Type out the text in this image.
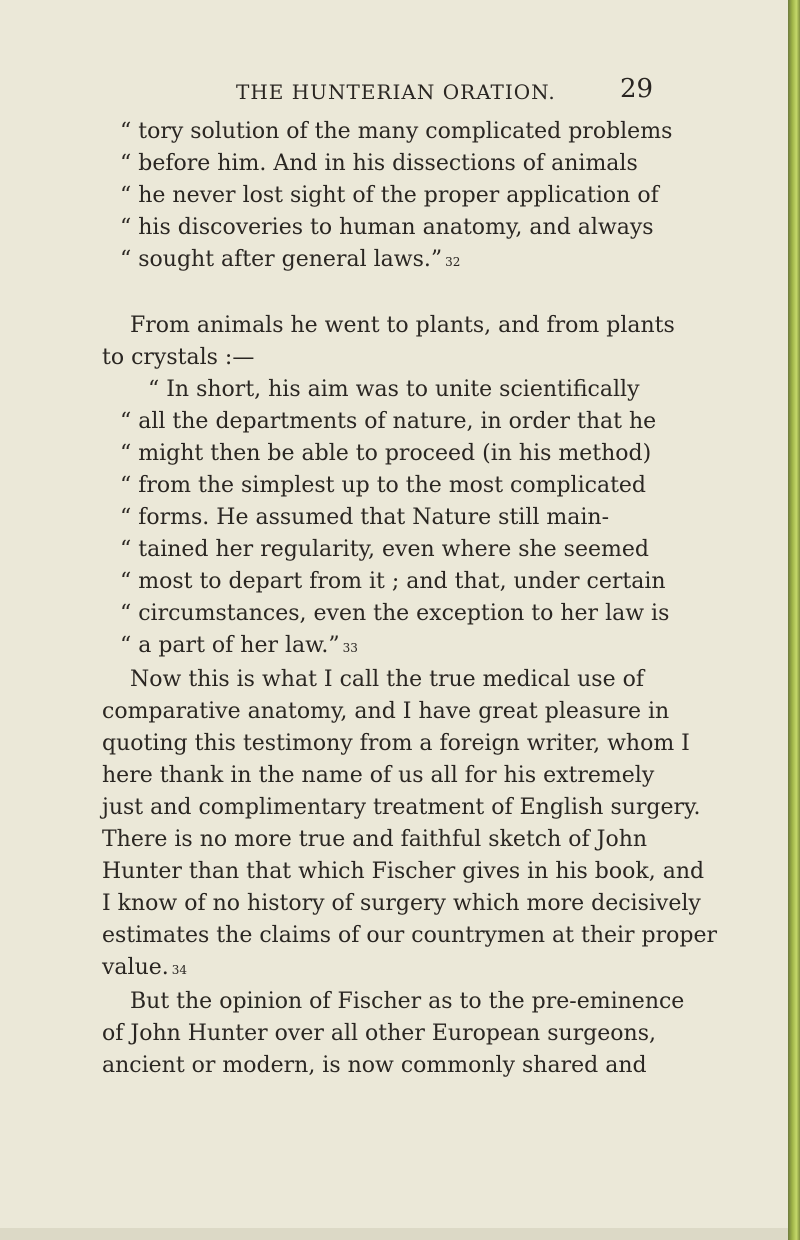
THE HUNTERIAN ORATION. 29
“ tory solution of the many complicated problems
“ before him. And in his dissections of animals
“ he never lost sight of the proper application of
“ his discoveries to human anatomy, and always
“ sought after general laws.” 32
From animals he went to plants, and from plants
to crystals :—
“ In short, his aim was to unite scientifically
“ all the departments of nature, in order that he
“ might then be able to proceed (in his method)
“ from the simplest up to the most complicated
“ forms. He assumed that Nature still main-
“ tained her regularity, even where she seemed
“ most to depart from it ; and that, under certain
“ circumstances, even the exception to her law is
“ a part of her law.” 33
Now this is what I call the true medical use of
comparative anatomy, and I have great pleasure in
quoting this testimony from a foreign writer, whom I
here thank in the name of us all for his extremely
just and complimentary treatment of English surgery.
There is no more true and faithful sketch of John
Hunter than that which Fischer gives in his book, and
I know of no history of surgery which more decisively
estimates the claims of our countrymen at their proper
value. 34
But the opinion of Fischer as to the pre-eminence
of John Hunter over all other European surgeons,
ancient or modern, is now commonly shared and
